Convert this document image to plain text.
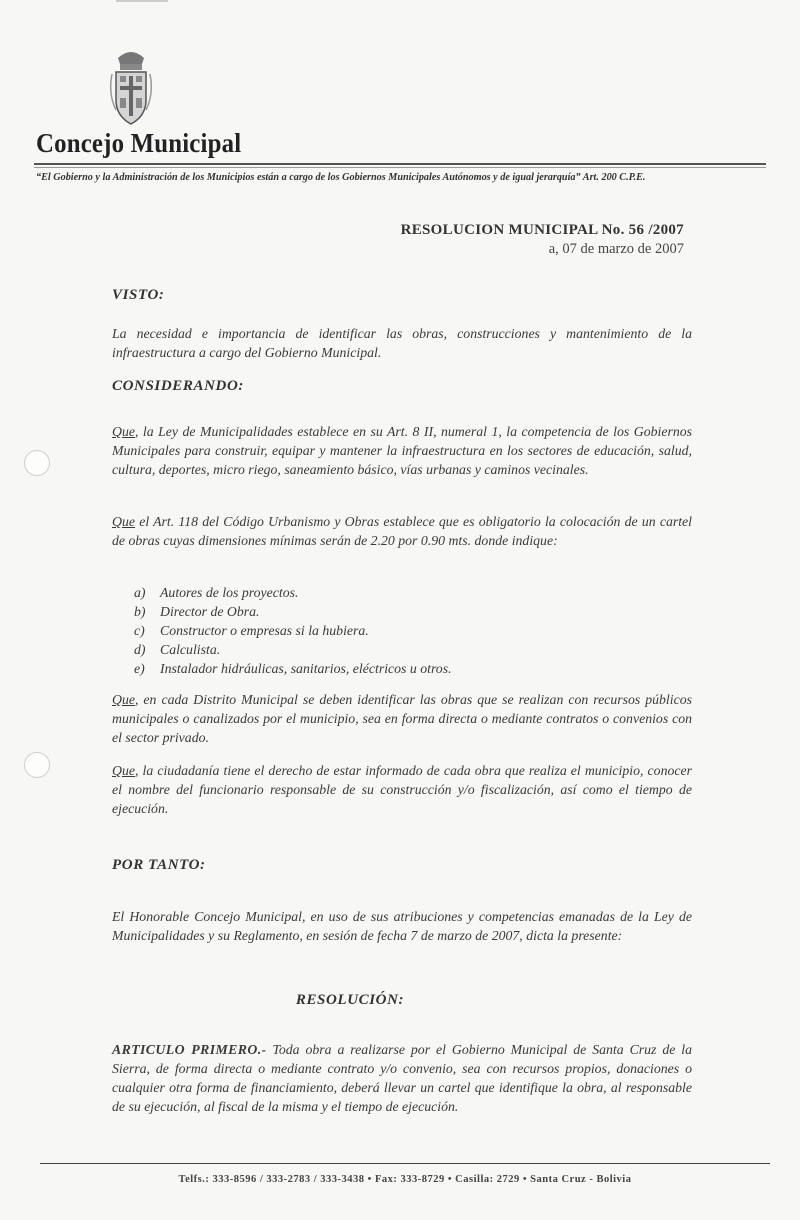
Concejo Municipal
“El Gobierno y la Administración de los Municipios están a cargo de los Gobiernos Municipales Autónomos y de igual jerarquía” Art. 200 C.P.E.
RESOLUCION MUNICIPAL No. 56 /2007
a, 07 de marzo de 2007
VISTO:
La necesidad e importancia de identificar las obras, construcciones y mantenimiento de la infraestructura a cargo del Gobierno Municipal.
CONSIDERANDO:
Que, la Ley de Municipalidades establece en su Art. 8 II, numeral 1, la competencia de los Gobiernos Municipales para construir, equipar y mantener la infraestructura en los sectores de educación, salud, cultura, deportes, micro riego, saneamiento básico, vías urbanas y caminos vecinales.
Que el Art. 118 del Código Urbanismo y Obras establece que es obligatorio la colocación de un cartel de obras cuyas dimensiones mínimas serán de 2.20 por 0.90 mts. donde indique:
a)	Autores de los proyectos.
b)	Director de Obra.
c)	Constructor o empresas si la hubiera.
d)	Calculista.
e)	Instalador hidráulicas, sanitarios, eléctricos u otros.
Que, en cada Distrito Municipal se deben identificar las obras que se realizan con recursos públicos municipales o canalizados por el municipio, sea en forma directa o mediante contratos o convenios con el sector privado.
Que, la ciudadanía tiene el derecho de estar informado de cada obra que realiza el municipio, conocer el nombre del funcionario responsable de su construcción y/o fiscalización, así como el tiempo de ejecución.
POR TANTO:
El Honorable Concejo Municipal, en uso de sus atribuciones y competencias emanadas de la Ley de Municipalidades y su Reglamento, en sesión de fecha 7 de marzo de 2007, dicta la presente:
RESOLUCIÓN:
ARTICULO PRIMERO.- Toda obra a realizarse por el Gobierno Municipal de Santa Cruz de la Sierra, de forma directa o mediante contrato y/o convenio, sea con recursos propios, donaciones o cualquier otra forma de financiamiento, deberá llevar un cartel que identifique la obra, al responsable de su ejecución, al fiscal de la misma y el tiempo de ejecución.
Telfs.: 333-8596 / 333-2783 / 333-3438 • Fax: 333-8729 • Casilla: 2729 • Santa Cruz - Bolivia
